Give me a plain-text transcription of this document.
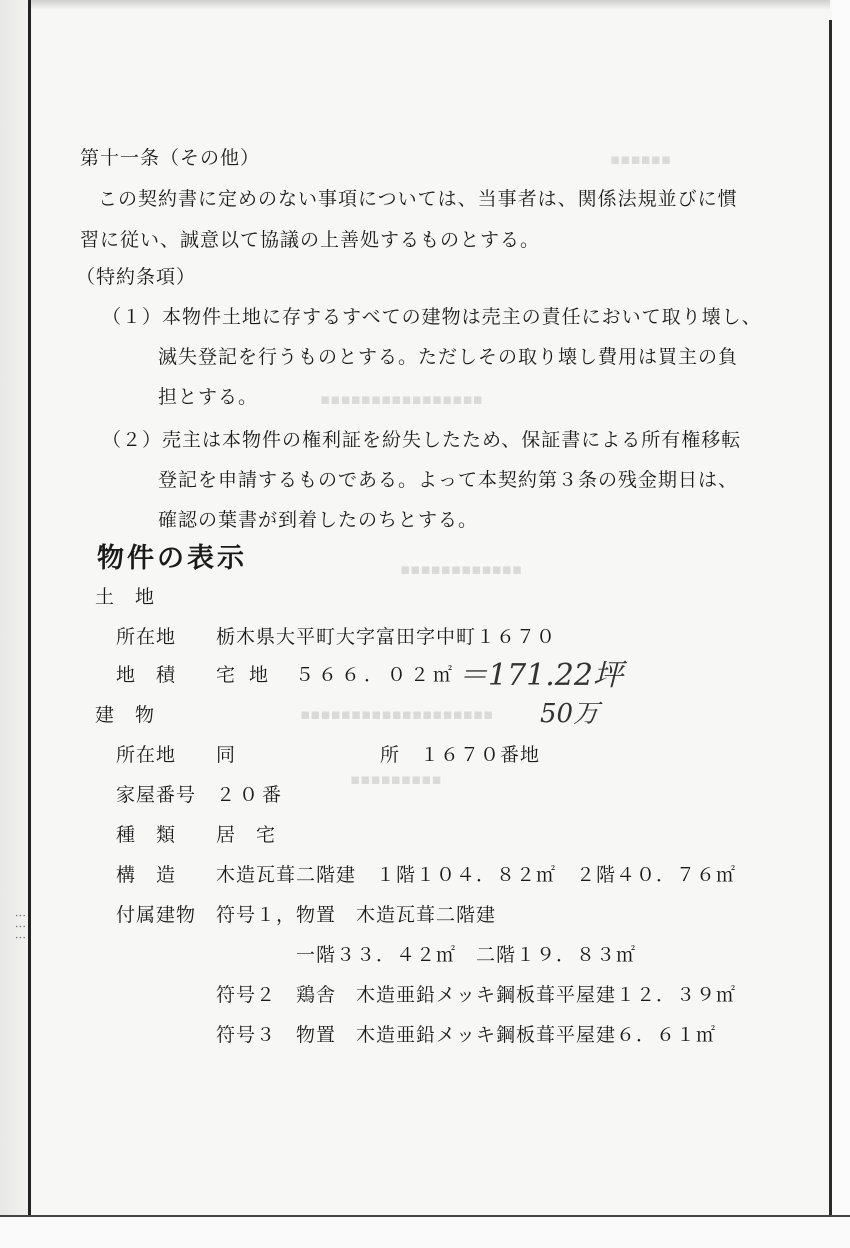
⋮⋮⋮
▪▪▪▪▪▪
▪▪▪▪▪▪▪▪▪▪▪▪▪▪▪▪
▪▪▪▪▪▪▪▪▪▪▪▪
▪▪▪▪▪▪▪▪▪▪▪▪▪▪▪▪▪▪▪
▪▪▪▪▪▪▪▪▪
第十一条（その他）
この契約書に定めのない事項については、当事者は、関係法規並びに慣
習に従い、誠意以て協議の上善処するものとする。
（特約条項）
（１）本物件土地に存するすべての建物は売主の責任において取り壊し、
滅失登記を行うものとする。ただしその取り壊し費用は買主の負
担とする。
（２）売主は本物件の権利証を紛失したため、保証書による所有権移転
登記を申請するものである。よって本契約第３条の残金期日は、
確認の葉書が到着したのちとする。
物件の表示
土　地
所在地 栃木県大平町大字富田字中町１６７０
地　積 宅 地　５６６．０２㎡ ＝171.22坪
50万
建　物
所在地 同	所　１６７０番地
家屋番号 ２０番
種　類 居　宅
構　造 木造瓦葺二階建　１階１０４．８２㎡　２階４０．７６㎡
付属建物 符号１，物置　木造瓦葺二階建
一階３３．４２㎡　二階１９．８３㎡
符号２　鶏舎　木造亜鉛メッキ鋼板葺平屋建１２．３９㎡
符号３　物置　木造亜鉛メッキ鋼板葺平屋建６．６１㎡
